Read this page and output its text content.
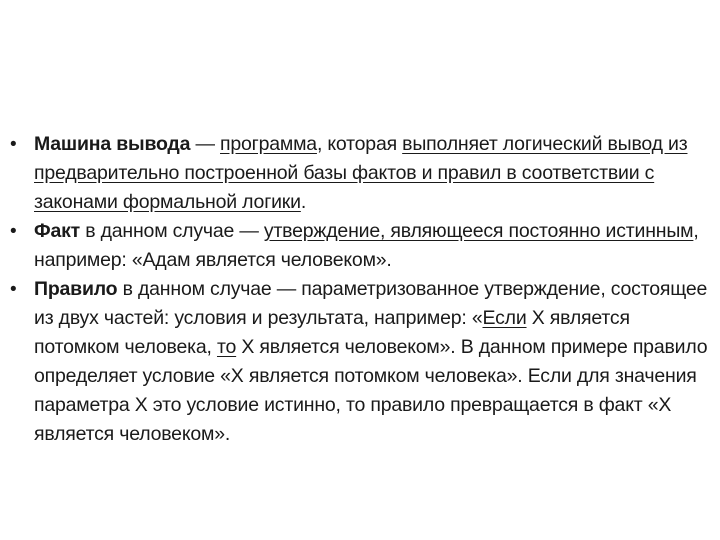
• Машина вывода — программа, которая выполняет логический вывод из предварительно построенной базы фактов и правил в соответствии с законами формальной логики.
• Факт в данном случае — утверждение, являющееся постоянно истинным, например: «Адам является человеком».
• Правило в данном случае — параметризованное утверждение, состоящее из двух частей: условия и результата, например: «Если X является потомком человека, то X является человеком». В данном примере правило определяет условие «X является потомком человека». Если для значения параметра X это условие истинно, то правило превращается в факт «X является человеком».
